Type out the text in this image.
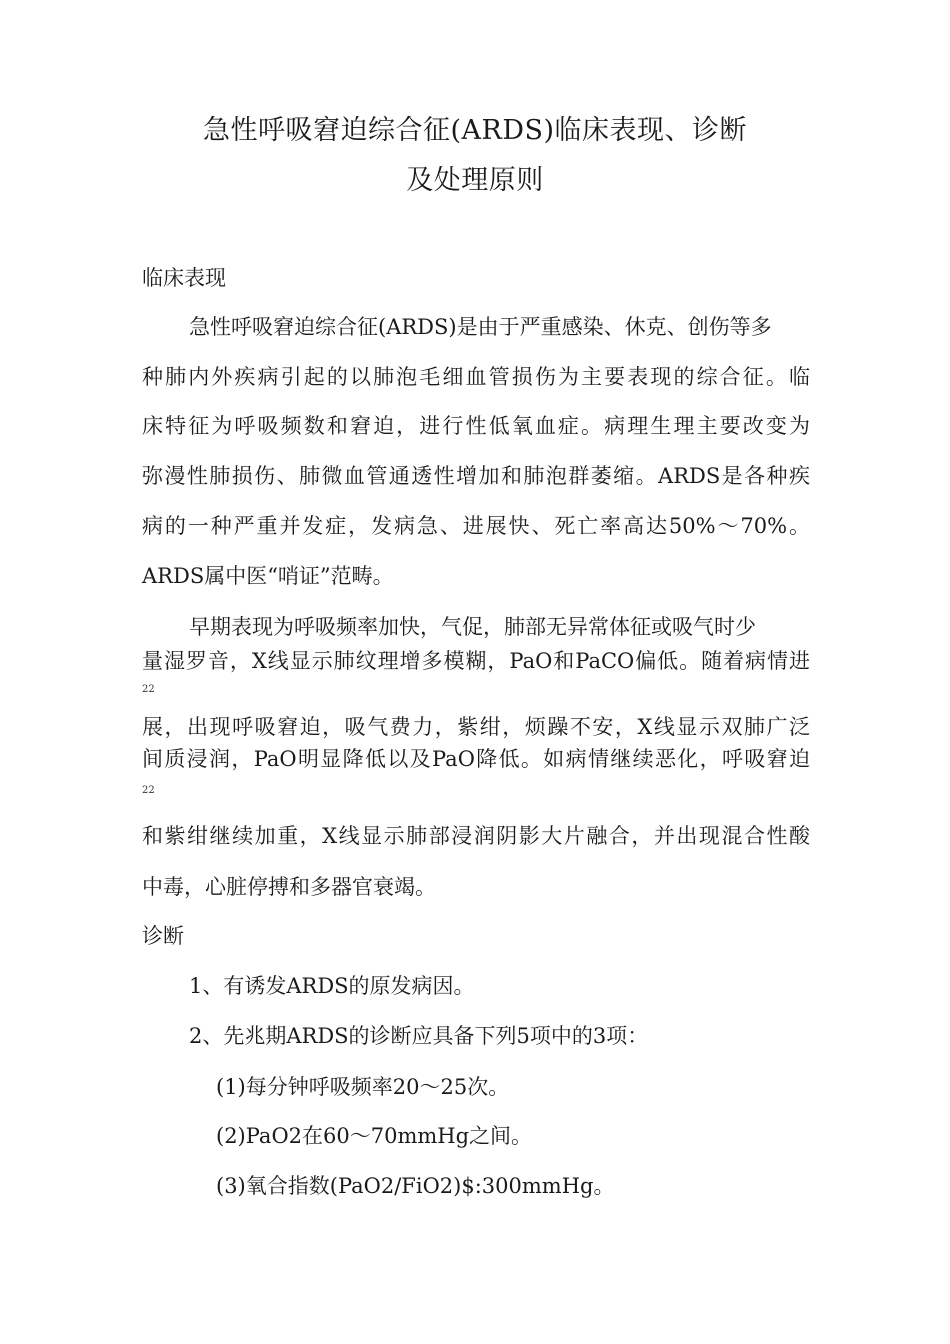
急性呼吸窘迫综合征(ARDS)临床表现、诊断
及处理原则
临床表现
急性呼吸窘迫综合征(ARDS)是由于严重感染、休克、创伤等多
种肺内外疾病引起的以肺泡毛细血管损伤为主要表现的综合征。临
床特征为呼吸频数和窘迫，进行性低氧血症。病理生理主要改变为
弥漫性肺损伤、肺微血管通透性增加和肺泡群萎缩。ARDS是各种疾
病的一种严重并发症，发病急、进展快、死亡率高达50%〜70%。
ARDS属中医“哨证”范畴。
早期表现为呼吸频率加快，气促，肺部无异常体征或吸气时少
量湿罗音，X线显示肺纹理增多模糊，PaO和PaCO偏低。随着病情进
22
展，出现呼吸窘迫，吸气费力，紫绀，烦躁不安，X线显示双肺广泛
间质浸润，PaO明显降低以及PaO降低。如病情继续恶化，呼吸窘迫
22
和紫绀继续加重，X线显示肺部浸润阴影大片融合，并出现混合性酸
中毒，心脏停搏和多器官衰竭。
诊断
1、有诱发ARDS的原发病因。
2、先兆期ARDS的诊断应具备下列5项中的3项：
(1)每分钟呼吸频率20〜25次。
(2)PaO2在60〜70mmHg之间。
(3)氧合指数(PaO2/FiO2)$:300mmHg。
